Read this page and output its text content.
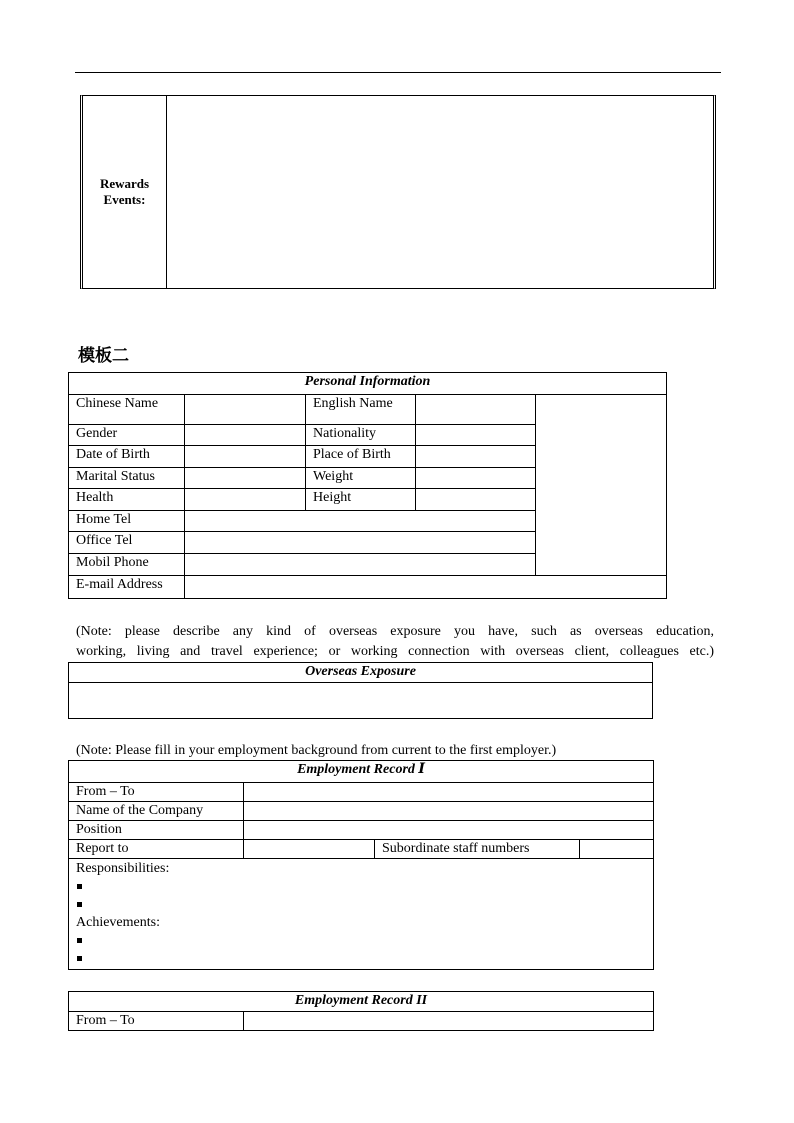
Rewards
Events:
模板二
Personal Information				
Chinese Name		English Name		
Gender		Nationality		
Date of Birth		Place of Birth		
Marital Status		Weight		
Health		Height		
Home Tel				
Office Tel				
Mobil Phone				
E-mail Address				
(Note: please describe any kind of overseas exposure you have, such as overseas education,
working, living and travel experience; or working connection with overseas client, colleagues etc.)
Overseas Exposure

(Note: Please fill in your employment background from current to the first employer.)
Employment Record Ⅰ			
From – To			
Name of the Company			
Position			
Report to		Subordinate staff numbers	

Responsibilities:
Achievements:			
Employment Record II
From – To	
